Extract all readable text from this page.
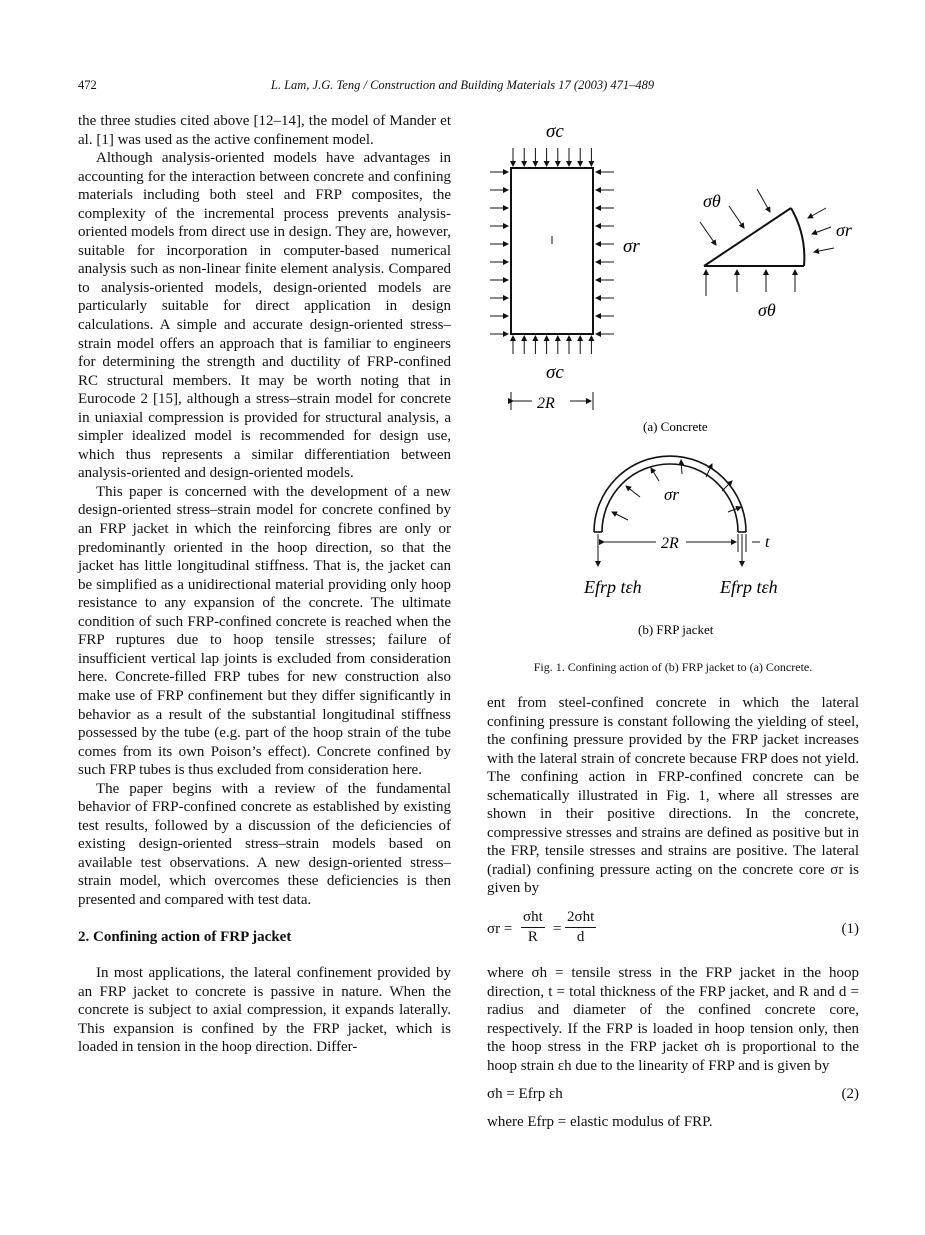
472	L. Lam, J.G. Teng / Construction and Building Materials 17 (2003) 471–489

the three studies cited above [12–14], the model of Mander et al. [1] was used as the active confinement model.

Although analysis-oriented models have advantages in accounting for the interaction between concrete and confining materials including both steel and FRP composites, the complexity of the incremental process prevents analysis-oriented models from direct use in design. They are, however, suitable for incorporation in computer-based numerical analysis such as non-linear finite element analysis. Compared to analysis-oriented models, design-oriented models are particularly suitable for direct application in design calculations. A simple and accurate design-oriented stress–strain model offers an approach that is familiar to engineers for determining the strength and ductility of FRP-confined RC structural members. It may be worth noting that in Eurocode 2 [15], although a stress–strain model for concrete in uniaxial compression is provided for structural analysis, a simpler idealized model is recommended for design use, which thus represents a similar differentiation between analysis-oriented and design-oriented models.

This paper is concerned with the development of a new design-oriented stress–strain model for concrete confined by an FRP jacket in which the reinforcing fibres are only or predominantly oriented in the hoop direction, so that the jacket has little longitudinal stiffness. That is, the jacket can be simplified as a unidirectional material providing only hoop resistance to any expansion of the concrete. The ultimate condition of such FRP-confined concrete is reached when the FRP ruptures due to hoop tensile stresses; failure of insufficient vertical lap joints is excluded from consideration here. Concrete-filled FRP tubes for new construction also make use of FRP confinement but they differ significantly in behavior as a result of the substantial longitudinal stiffness possessed by the tube (e.g. part of the hoop strain of the tube comes from its own Poison’s effect). Concrete confined by such FRP tubes is thus excluded from consideration here.

The paper begins with a review of the fundamental behavior of FRP-confined concrete as established by existing test results, followed by a discussion of the deficiencies of existing design-oriented stress–strain models based on available test observations. A new design-oriented stress–strain model, which overcomes these deficiencies is then presented and compared with test data.

2. Confining action of FRP jacket

In most applications, the lateral confinement provided by an FRP jacket to concrete is passive in nature. When the concrete is subject to axial compression, it expands laterally. This expansion is confined by the FRP jacket, which is loaded in tension in the hoop direction. Differ-

σc
σc
σr
2R
σθ
σθ
σr
(a) Concrete
σr
2R	t
Efrp tεh	Efrp tεh
(b) FRP jacket
Fig. 1. Confining action of (b) FRP jacket to (a) Concrete.

ent from steel-confined concrete in which the lateral confining pressure is constant following the yielding of steel, the confining pressure provided by the FRP jacket increases with the lateral strain of concrete because FRP does not yield. The confining action in FRP-confined concrete can be schematically illustrated in Fig. 1, where all stresses are shown in their positive directions. In the concrete, compressive stresses and strains are defined as positive but in the FRP, tensile stresses and strains are positive. The lateral (radial) confining pressure acting on the concrete core σr is given by

σr =
σht
R	=
2σht
d	(1)

where σh = tensile stress in the FRP jacket in the hoop direction, t = total thickness of the FRP jacket, and R and d = radius and diameter of the confined concrete core, respectively. If the FRP is loaded in hoop tension only, then the hoop stress in the FRP jacket σh is proportional to the hoop strain εh due to the linearity of FRP and is given by

σh = Efrp εh	(2)

where Efrp = elastic modulus of FRP.
